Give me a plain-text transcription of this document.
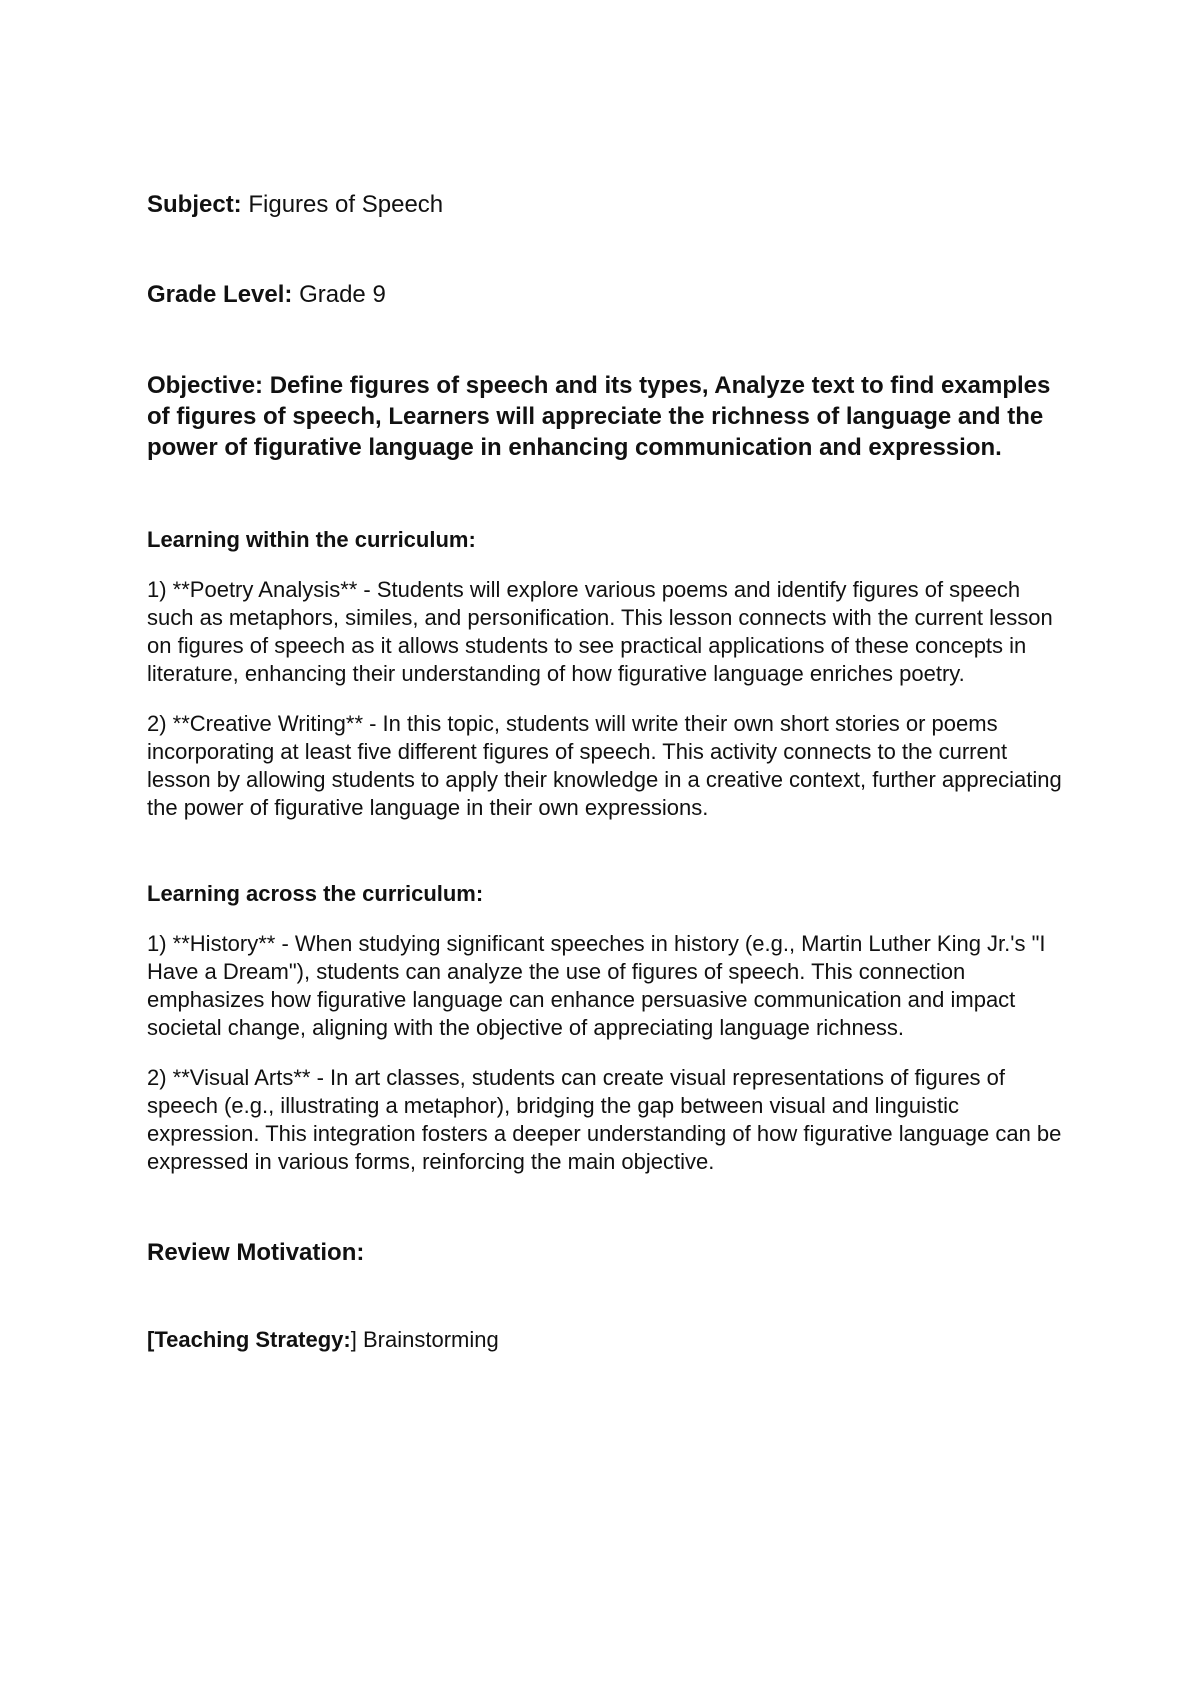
Subject: Figures of Speech

Grade Level: Grade 9

Objective: Define figures of speech and its types, Analyze text to find examples of figures of speech, Learners will appreciate the richness of language and the power of figurative language in enhancing communication and expression.

Learning within the curriculum:

1) **Poetry Analysis** - Students will explore various poems and identify figures of speech such as metaphors, similes, and personification. This lesson connects with the current lesson on figures of speech as it allows students to see practical applications of these concepts in literature, enhancing their understanding of how figurative language enriches poetry.

2) **Creative Writing** - In this topic, students will write their own short stories or poems incorporating at least five different figures of speech. This activity connects to the current lesson by allowing students to apply their knowledge in a creative context, further appreciating the power of figurative language in their own expressions.

Learning across the curriculum:

1) **History** - When studying significant speeches in history (e.g., Martin Luther King Jr.'s "I Have a Dream"), students can analyze the use of figures of speech. This connection emphasizes how figurative language can enhance persuasive communication and impact societal change, aligning with the objective of appreciating language richness.

2) **Visual Arts** - In art classes, students can create visual representations of figures of speech (e.g., illustrating a metaphor), bridging the gap between visual and linguistic expression. This integration fosters a deeper understanding of how figurative language can be expressed in various forms, reinforcing the main objective.

Review Motivation:

[Teaching Strategy:] Brainstorming
